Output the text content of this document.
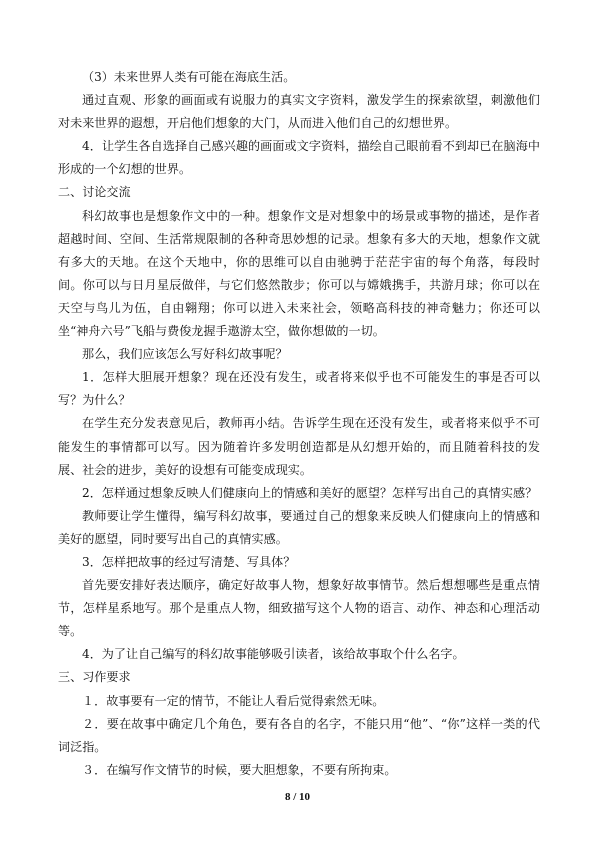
（3）未来世界人类有可能在海底生活。

通过直观、形象的画面或有说服力的真实文字资料，激发学生的探索欲望，刺激他们对未来世界的遐想，开启他们想象的大门，从而进入他们自己的幻想世界。

4．让学生各自选择自己感兴趣的画面或文字资料，描绘自己眼前看不到却已在脑海中形成的一个幻想的世界。

二、讨论交流

科幻故事也是想象作文中的一种。想象作文是对想象中的场景或事物的描述，是作者超越时间、空间、生活常规限制的各种奇思妙想的记录。想象有多大的天地，想象作文就有多大的天地。在这个天地中，你的思维可以自由驰骋于茫茫宇宙的每个角落，每段时间。你可以与日月星辰做伴，与它们悠然散步；你可以与嫦娥携手，共游月球；你可以在天空与鸟儿为伍，自由翱翔；你可以进入未来社会，领略高科技的神奇魅力；你还可以坐“神舟六号”飞船与费俊龙握手遨游太空，做你想做的一切。

那么，我们应该怎么写好科幻故事呢？

1．怎样大胆展开想象？现在还没有发生，或者将来似乎也不可能发生的事是否可以写？为什么？

在学生充分发表意见后，教师再小结。告诉学生现在还没有发生，或者将来似乎不可能发生的事情都可以写。因为随着许多发明创造都是从幻想开始的，而且随着科技的发展、社会的进步，美好的设想有可能变成现实。

2．怎样通过想象反映人们健康向上的情感和美好的愿望？怎样写出自己的真情实感？

教师要让学生懂得，编写科幻故事，要通过自己的想象来反映人们健康向上的情感和美好的愿望，同时要写出自己的真情实感。

3．怎样把故事的经过写清楚、写具体？

首先要安排好表达顺序，确定好故事人物，想象好故事情节。然后想想哪些是重点情节，怎样星系地写。那个是重点人物，细致描写这个人物的语言、动作、神态和心理活动等。

4．为了让自己编写的科幻故事能够吸引读者，该给故事取个什么名字。

三、习作要求

１．故事要有一定的情节，不能让人看后觉得索然无味。

２．要在故事中确定几个角色，要有各自的名字，不能只用“他”、“你”这样一类的代词泛指。

３．在编写作文情节的时候，要大胆想象，不要有所拘束。

8 / 10
